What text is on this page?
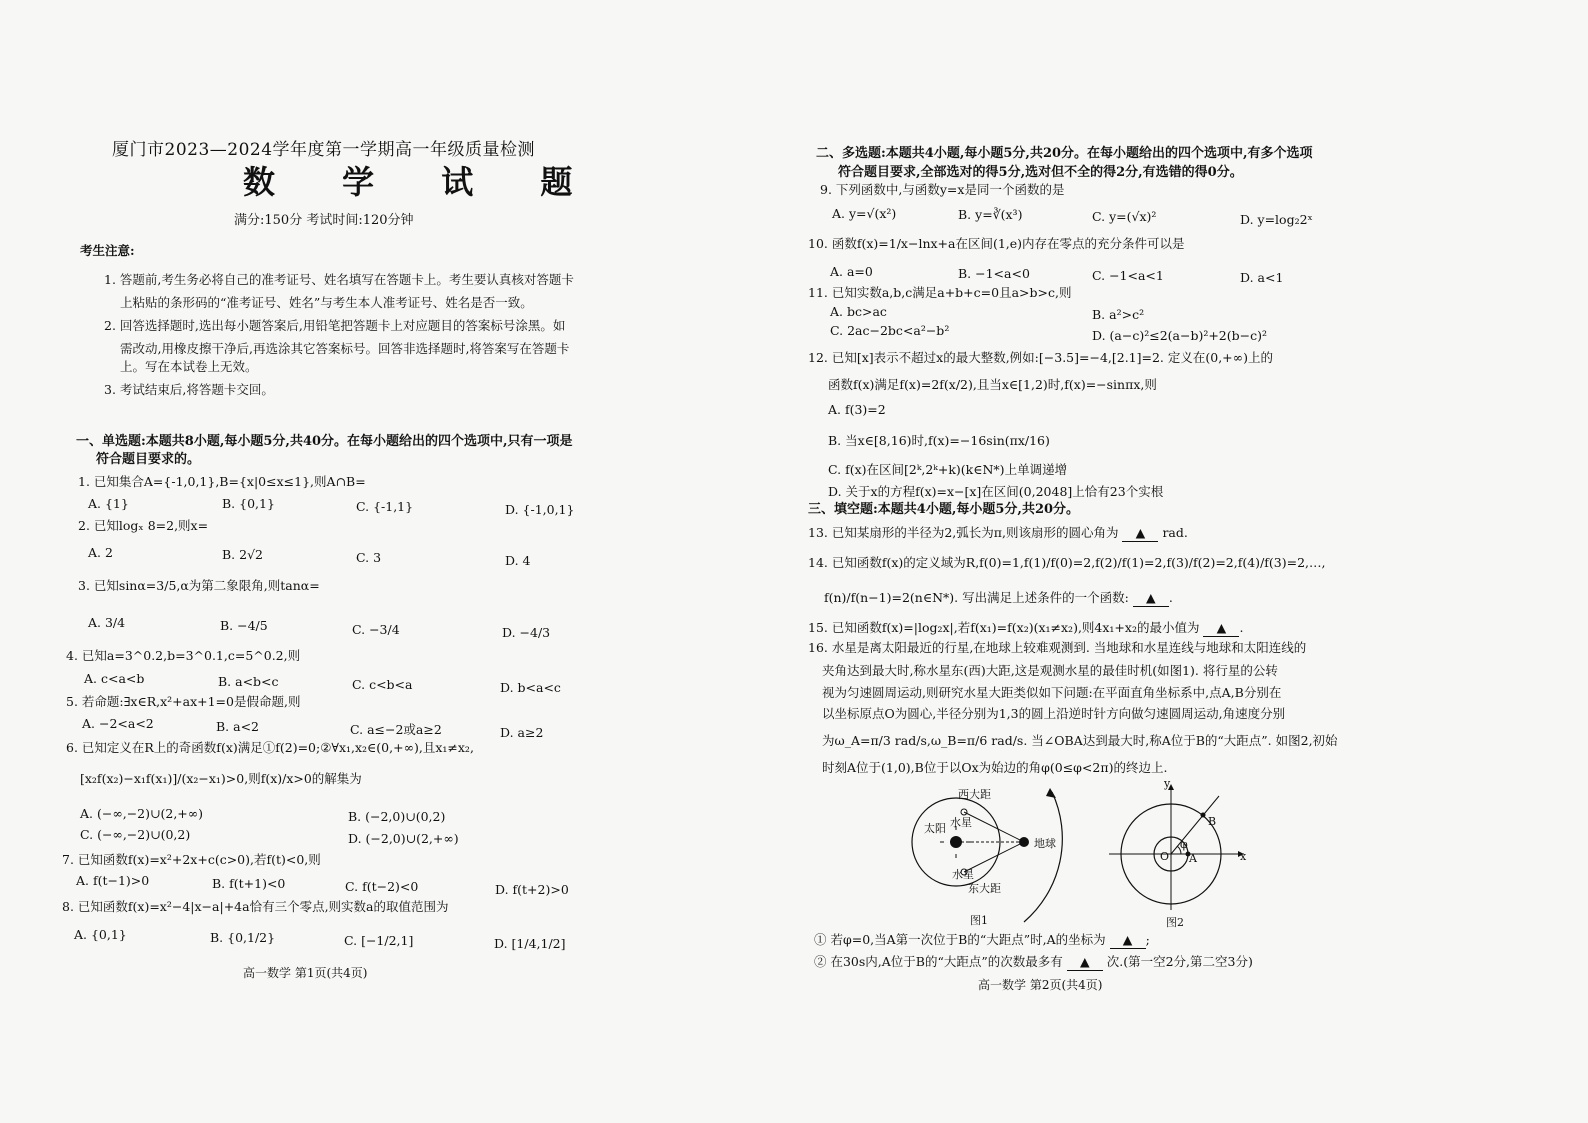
厦门市2023—2024学年度第一学期高一年级质量检测
数 学 试 题
满分:150分 考试时间:120分钟
考生注意:
1. 答题前,考生务必将自己的准考证号、姓名填写在答题卡上。考生要认真核对答题卡
上粘贴的条形码的“准考证号、姓名”与考生本人准考证号、姓名是否一致。
2. 回答选择题时,选出每小题答案后,用铅笔把答题卡上对应题目的答案标号涂黑。如
需改动,用橡皮擦干净后,再选涂其它答案标号。回答非选择题时,将答案写在答题卡
上。写在本试卷上无效。
3. 考试结束后,将答题卡交回。
一、单选题:本题共8小题,每小题5分,共40分。在每小题给出的四个选项中,只有一项是
符合题目要求的。
1. 已知集合A={-1,0,1},B={x|0≤x≤1},则A∩B=
A. {1}	B. {0,1}	C. {-1,1}	D. {-1,0,1}
2. 已知logₓ 8=2,则x=
A. 2	B. 2√2	C. 3	D. 4
3. 已知sinα=3/5,α为第二象限角,则tanα=
A. 3/4	B. −4/5	C. −3/4	D. −4/3
4. 已知a=3^0.2,b=3^0.1,c=5^0.2,则
A. c<a<b	B. a<b<c	C. c<b<a	D. b<a<c
5. 若命题:∃x∈R,x²+ax+1=0是假命题,则
A. −2<a<2	B. a<2	C. a≤−2或a≥2	D. a≥2
6. 已知定义在R上的奇函数f(x)满足①f(2)=0;②∀x₁,x₂∈(0,+∞),且x₁≠x₂,
[x₂f(x₂)−x₁f(x₁)]/(x₂−x₁)>0,则f(x)/x>0的解集为
A. (−∞,−2)∪(2,+∞)	B. (−2,0)∪(0,2)
C. (−∞,−2)∪(0,2)	D. (−2,0)∪(2,+∞)
7. 已知函数f(x)=x²+2x+c(c>0),若f(t)<0,则
A. f(t−1)>0	B. f(t+1)<0	C. f(t−2)<0	D. f(t+2)>0
8. 已知函数f(x)=x²−4|x−a|+4a恰有三个零点,则实数a的取值范围为
A. {0,1}	B. {0,1/2}	C. [−1/2,1]	D. [1/4,1/2]
高一数学 第1页(共4页)
二、多选题:本题共4小题,每小题5分,共20分。在每小题给出的四个选项中,有多个选项
符合题目要求,全部选对的得5分,选对但不全的得2分,有选错的得0分。
9. 下列函数中,与函数y=x是同一个函数的是
A. y=√(x²)	B. y=∛(x³)	C. y=(√x)²	D. y=log₂2ˣ
10. 函数f(x)=1/x−lnx+a在区间(1,e)内存在零点的充分条件可以是
A. a=0	B. −1<a<0	C. −1<a<1	D. a<1
11. 已知实数a,b,c满足a+b+c=0且a>b>c,则
A. bc>ac	B. a²>c²
C. 2ac−2bc<a²−b²	D. (a−c)²≤2(a−b)²+2(b−c)²
12. 已知[x]表示不超过x的最大整数,例如:[−3.5]=−4,[2.1]=2. 定义在(0,+∞)上的
函数f(x)满足f(x)=2f(x/2),且当x∈[1,2)时,f(x)=−sinπx,则
A. f(3)=2
B. 当x∈[8,16)时,f(x)=−16sin(πx/16)
C. f(x)在区间[2ᵏ,2ᵏ+k)(k∈N*)上单调递增
D. 关于x的方程f(x)=x−[x]在区间(0,2048]上恰有23个实根
三、填空题:本题共4小题,每小题5分,共20分。
13. 已知某扇形的半径为2,弧长为π,则该扇形的圆心角为 ▲ rad.
14. 已知函数f(x)的定义域为R,f(0)=1,f(1)/f(0)=2,f(2)/f(1)=2,f(3)/f(2)=2,f(4)/f(3)=2,…,
f(n)/f(n−1)=2(n∈N*). 写出满足上述条件的一个函数: ▲ .
15. 已知函数f(x)=|log₂x|,若f(x₁)=f(x₂)(x₁≠x₂),则4x₁+x₂的最小值为 ▲ .
16. 水星是离太阳最近的行星,在地球上较难观测到. 当地球和水星连线与地球和太阳连线的
夹角达到最大时,称水星东(西)大距,这是观测水星的最佳时机(如图1). 将行星的公转
视为匀速圆周运动,则研究水星大距类似如下问题:在平面直角坐标系中,点A,B分别在
以坐标原点O为圆心,半径分别为1,3的圆上沿逆时针方向做匀速圆周运动,角速度分别
为ω_A=π/3 rad/s,ω_B=π/6 rad/s. 当∠OBA达到最大时,称A位于B的“大距点”. 如图2,初始
时刻A位于(1,0),B位于以Ox为始边的角φ(0≤φ<2π)的终边上.
西大距
东大距
太阳 水星
水星
地球
图1
y
x
O A
B
φ
图2
① 若φ=0,当A第一次位于B的“大距点”时,A的坐标为 ▲ ;
② 在30s内,A位于B的“大距点”的次数最多有 ▲ 次.(第一空2分,第二空3分)
高一数学 第2页(共4页)
